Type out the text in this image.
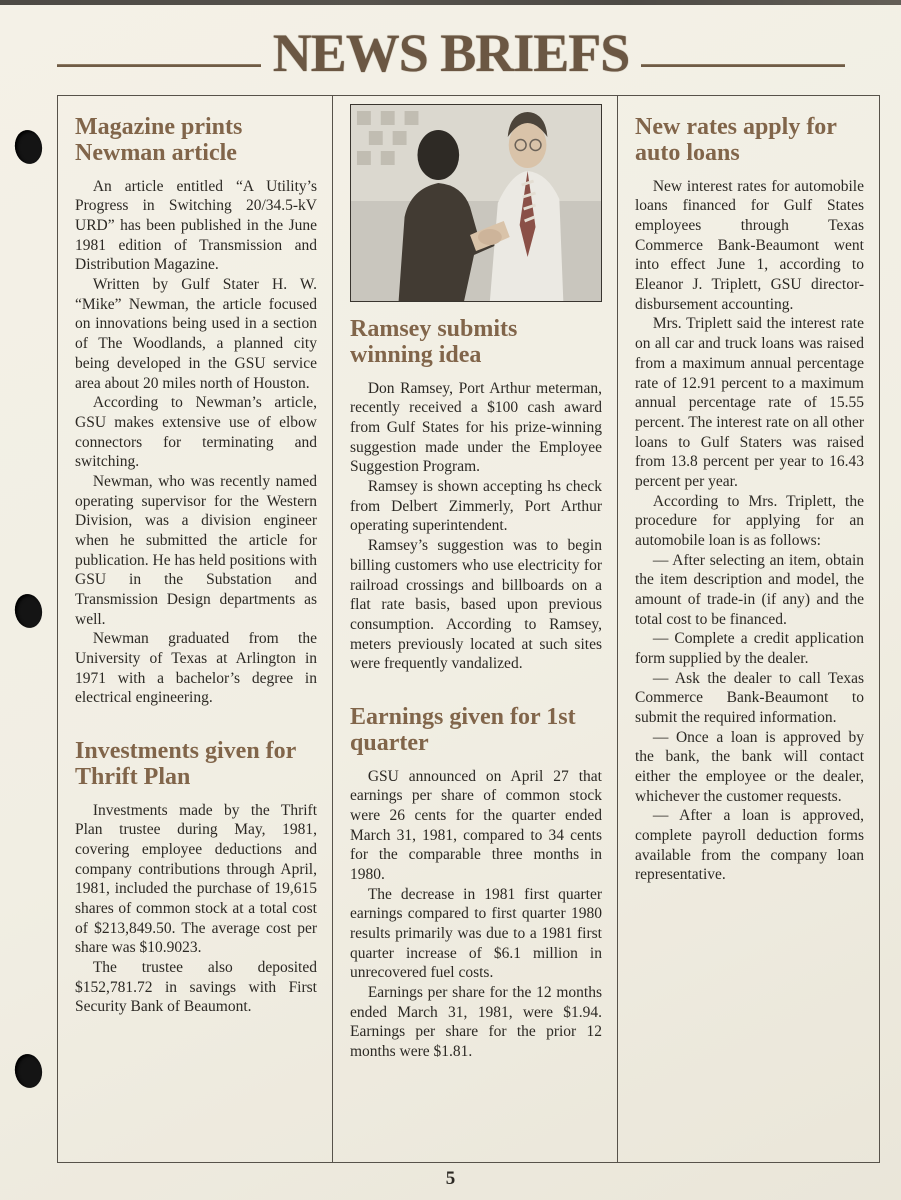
NEWS BRIEFS
Magazine prints Newman article

An article entitled “A Utility’s Progress in Switching 20/34.5-kV URD” has been published in the June 1981 edition of Transmission and Distribution Magazine.

Written by Gulf Stater H. W. “Mike” Newman, the article focused on innovations being used in a section of The Woodlands, a planned city being developed in the GSU service area about 20 miles north of Houston.

According to Newman’s article, GSU makes extensive use of elbow connectors for terminating and switching.

Newman, who was recently named operating supervisor for the Western Division, was a division engineer when he submitted the article for publication. He has held positions with GSU in the Substation and Transmission Design departments as well.

Newman graduated from the University of Texas at Arlington in 1971 with a bachelor’s degree in electrical engineering.

Investments given for Thrift Plan

Investments made by the Thrift Plan trustee during May, 1981, covering employee deductions and company contributions through April, 1981, included the purchase of 19,615 shares of common stock at a total cost of $213,849.50. The average cost per share was $10.9023.

The trustee also deposited $152,781.72 in savings with First Security Bank of Beaumont.

Ramsey submits winning idea

Don Ramsey, Port Arthur meterman, recently received a $100 cash award from Gulf States for his prize-winning suggestion made under the Employee Suggestion Program.

Ramsey is shown accepting hs check from Delbert Zimmerly, Port Arthur operating superintendent.

Ramsey’s suggestion was to begin billing customers who use electricity for railroad crossings and billboards on a flat rate basis, based upon previous consumption. According to Ramsey, meters previously located at such sites were frequently vandalized.

Earnings given for 1st quarter

GSU announced on April 27 that earnings per share of common stock were 26 cents for the quarter ended March 31, 1981, compared to 34 cents for the comparable three months in 1980.

The decrease in 1981 first quarter earnings compared to first quarter 1980 results primarily was due to a 1981 first quarter increase of $6.1 million in unrecovered fuel costs.

Earnings per share for the 12 months ended March 31, 1981, were $1.94. Earnings per share for the prior 12 months were $1.81.

New rates apply for auto loans

New interest rates for automobile loans financed for Gulf States employees through Texas Commerce Bank-Beaumont went into effect June 1, according to Eleanor J. Triplett, GSU director-disbursement accounting.

Mrs. Triplett said the interest rate on all car and truck loans was raised from a maximum annual percentage rate of 12.91 percent to a maximum annual percentage rate of 15.55 percent. The interest rate on all other loans to Gulf Staters was raised from 13.8 percent per year to 16.43 percent per year.

According to Mrs. Triplett, the procedure for applying for an automobile loan is as follows:

— After selecting an item, obtain the item description and model, the amount of trade-in (if any) and the total cost to be financed.

— Complete a credit application form supplied by the dealer.

— Ask the dealer to call Texas Commerce Bank-Beaumont to submit the required information.

— Once a loan is approved by the bank, the bank will contact either the employee or the dealer, whichever the customer requests.

— After a loan is approved, complete payroll deduction forms available from the company loan representative.

5
